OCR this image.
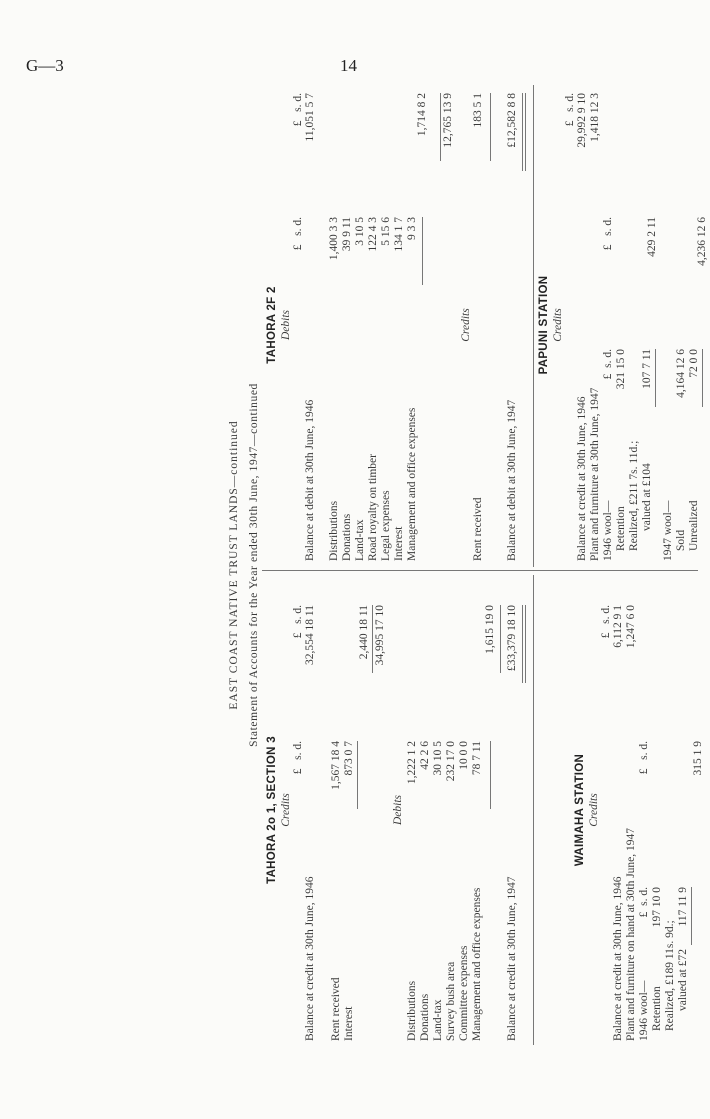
G—3	14
EAST COAST NATIVE TRUST LANDS—continued Statement of Accounts for the Year ended 30th June, 1947—continued
TAHORA 2o 1, SECTION 3 Credits
£   s. d.
£   s. d.
Balance at credit at 30th June, 1946
32,554 18 11
Rent received
1,567 18 4
Interest
873 0 7
2,440 18 11 34,995 17 10
Debits
Distributions
1,222 1 2
Donations
42 2 6
Land-tax
30 10 5
Survey bush area
232 17 0
Committee expenses
10 0 0
Management and office expenses
78 7 11
1,615 19 0
Balance at credit at 30th June, 1947
£33,379 18 10
WAIMAHA STATION Credits
£   s. d.
Balance at credit at 30th June, 1946
6,112 9 1
Plant and furniture on hand at 30th June, 1947
1,247 6 0
1946 wool—
£   s. d.
£  s. d.
Retention
197 10 0
Realized, £189 11s. 9d.; valued at £72
117 11 9
315 1 9
TAHORA 2F 2 Debits
£   s. d.
£   s. d.
Balance at debit at 30th June, 1946
11,051 5 7
Distributions
1,400 3 3
Donations
39 9 11
Land-tax
3 10 5
Road royalty on timber
122 4 3
Legal expenses
5 15 6
Interest
134 1 7
Management and office expenses
9 3 3
1,714 8 2 12,765 13 9
Credits
Rent received
183 5 1
Balance at debit at 30th June, 1947
£12,582 8 8
PAPUNI STATION Credits
£   s. d.
Balance at credit at 30th June, 1946
29,992 9 10
Plant and furniture at 30th June, 1947
1,418 12 3
1946 wool—
£   s. d.
£  s. d.
Retention
321 15 0
Realized, £211 7s. 11d.; valued at £104
107 7 11
429 2 11
1947 wool— Sold
4,164 12 6
Unrealized
72 0 0
4,236 12 6
